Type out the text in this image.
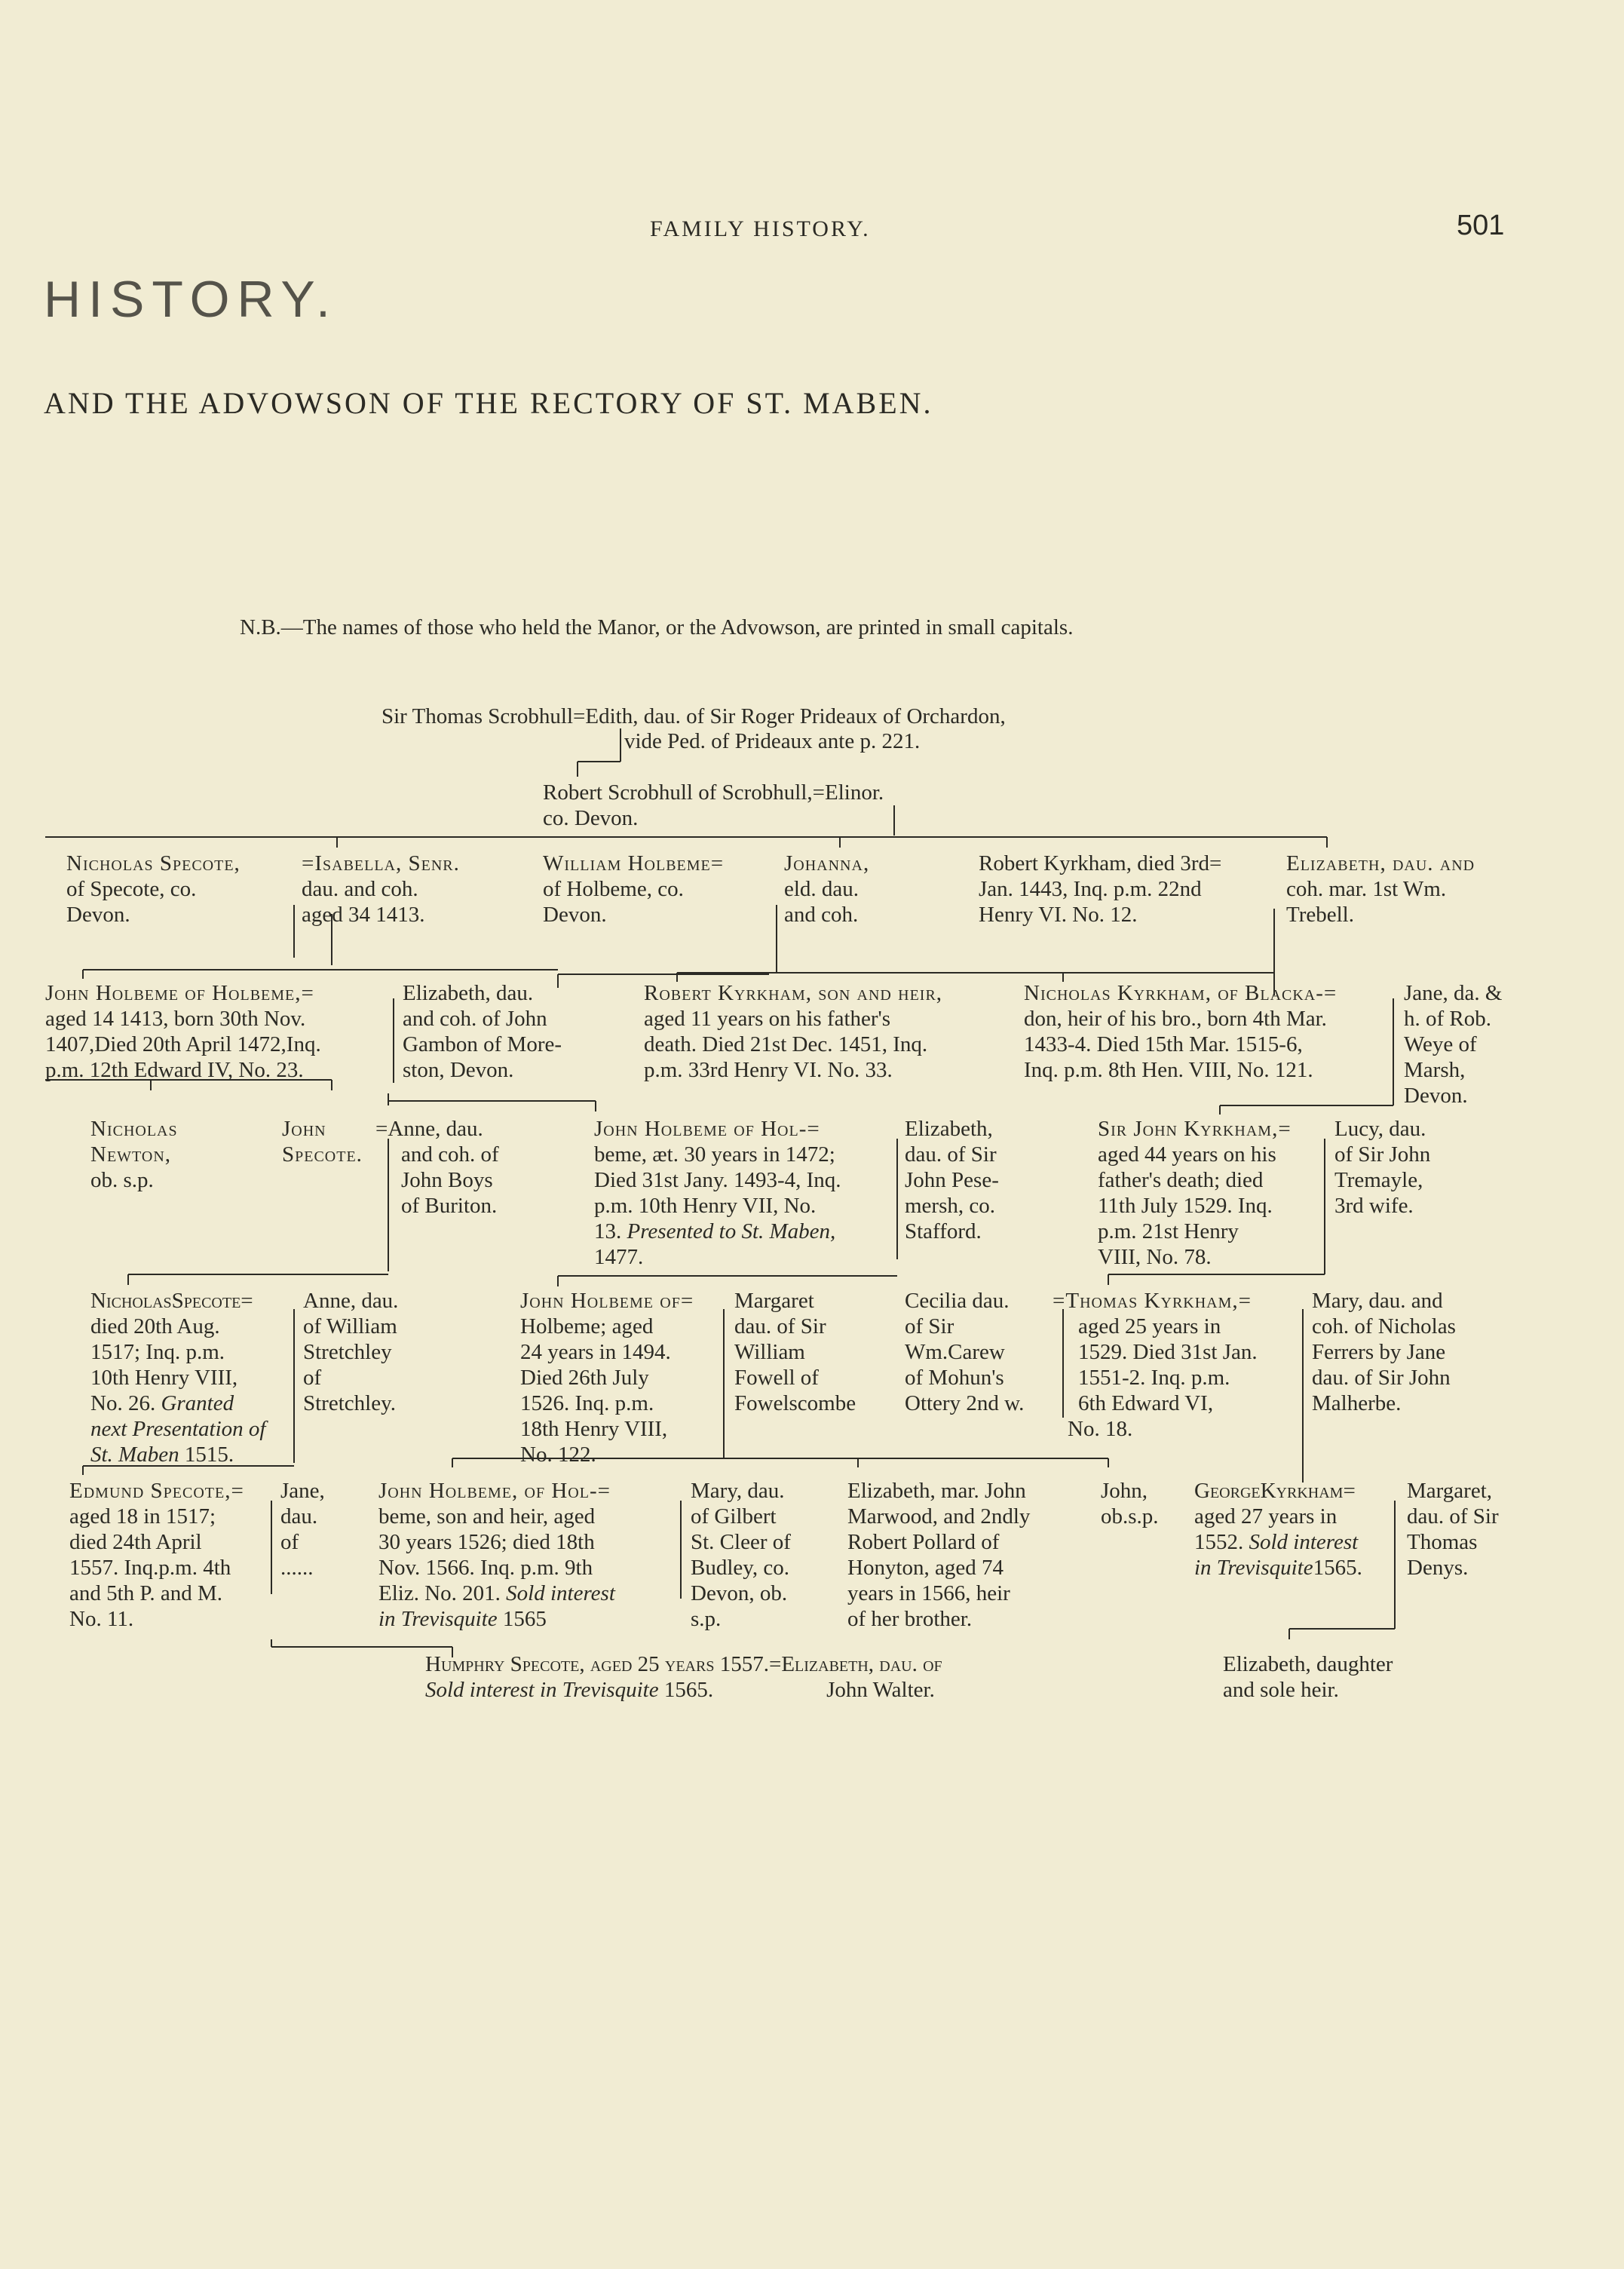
FAMILY HISTORY.	501
HISTORY.
AND THE ADVOWSON OF THE RECTORY OF ST. MABEN.
N.B.—The names of those who held the Manor, or the Advowson, are printed in small capitals.
Sir Thomas Scrobhull=Edith, dau. of Sir Roger Prideaux of Orchardon,
vide Ped. of Prideaux ante p. 221.
Robert Scrobhull of Scrobhull,=Elinor.
co. Devon.
Nicholas Specote,
of Specote, co.
Devon.
=Isabella, Senr.
dau. and coh.
aged 34 1413.
William Holbeme=
of Holbeme, co.
Devon.
Johanna,
eld. dau.
and coh.
Robert Kyrkham, died 3rd=
Jan. 1443, Inq. p.m. 22nd
Henry VI. No. 12.
Elizabeth, dau. and
coh. mar. 1st Wm.
Trebell.
John Holbeme of Holbeme,=
aged 14 1413, born 30th Nov.
1407,Died 20th April 1472,Inq.
p.m. 12th Edward IV, No. 23.
Elizabeth, dau.
and coh. of John
Gambon of More-
ston, Devon.
Robert Kyrkham, son and heir,
aged 11 years on his father's
death. Died 21st Dec. 1451, Inq.
p.m. 33rd Henry VI. No. 33.
Nicholas Kyrkham, of Blacka-=
don, heir of his bro., born 4th Mar.
1433-4. Died 15th Mar. 1515-6,
Inq. p.m. 8th Hen. VIII, No. 121.
Jane, da. &
h. of Rob.
Weye of
Marsh,
Devon.
Nicholas
Newton,
ob. s.p.
John
Specote.
=Anne, dau.
and coh. of
John Boys
of Buriton.
John Holbeme of Hol-=
beme, æt. 30 years in 1472;
Died 31st Jany. 1493-4, Inq.
p.m. 10th Henry VII, No.
13. Presented to St. Maben,
1477.
Elizabeth,
dau. of Sir
John Pese-
mersh, co.
Stafford.
Sir John Kyrkham,=
aged 44 years on his
father's death; died
11th July 1529. Inq.
p.m. 21st Henry
VIII, No. 78.
Lucy, dau.
of Sir John
Tremayle,
3rd wife.
NicholasSpecote=
died 20th Aug.
1517; Inq. p.m.
10th Henry VIII,
No. 26. Granted
next Presentation of
St. Maben 1515.
Anne, dau.
of William
Stretchley
of
Stretchley.
John Holbeme of=
Holbeme; aged
24 years in 1494.
Died 26th July
1526. Inq. p.m.
18th Henry VIII,
No. 122.
Margaret
dau. of Sir
William
Fowell of
Fowelscombe
Cecilia dau.
of Sir
Wm.Carew
of Mohun's
Ottery 2nd w.
=Thomas Kyrkham,=
aged 25 years in
1529. Died 31st Jan.
1551-2. Inq. p.m.
6th Edward VI,
No. 18.
Mary, dau. and
coh. of Nicholas
Ferrers by Jane
dau. of Sir John
Malherbe.
Edmund Specote,=
aged 18 in 1517;
died 24th April
1557. Inq.p.m. 4th
and 5th P. and M.
No. 11.
Jane,
dau.
of
......
John Holbeme, of Hol-=
beme, son and heir, aged
30 years 1526; died 18th
Nov. 1566. Inq. p.m. 9th
Eliz. No. 201. Sold interest
in Trevisquite 1565
Mary, dau.
of Gilbert
St. Cleer of
Budley, co.
Devon, ob.
s.p.
Elizabeth, mar. John
Marwood, and 2ndly
Robert Pollard of
Honyton, aged 74
years in 1566, heir
of her brother.
John,
ob.s.p.
GeorgeKyrkham=
aged 27 years in
1552. Sold interest
in Trevisquite1565.
Margaret,
dau. of Sir
Thomas
Denys.
Humphry Specote, aged 25 years 1557.=Elizabeth, dau. of
Sold interest in Trevisquite 1565.	John Walter.
Elizabeth, daughter
and sole heir.
